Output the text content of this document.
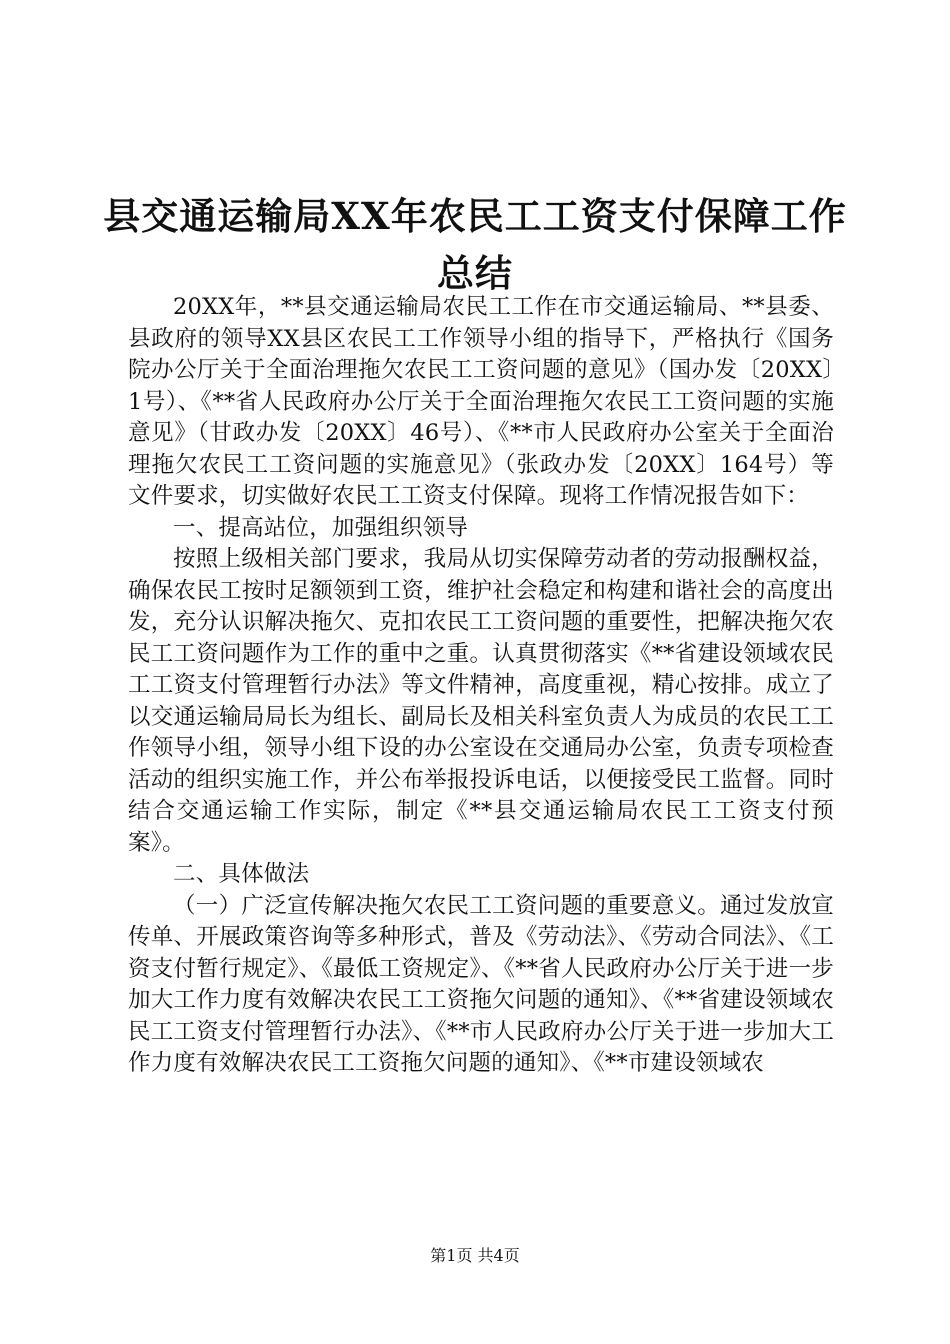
县交通运输局XX年农民工工资支付保障工作
总结

20XX年，**县交通运输局农民工工作在市交通运输局、**县委、县政府的领导XX县区农民工工作领导小组的指导下，严格执行《国务院办公厅关于全面治理拖欠农民工工资问题的意见》（国办发〔20XX〕1号）、《**省人民政府办公厅关于全面治理拖欠农民工工资问题的实施意见》（甘政办发〔20XX〕46号）、《**市人民政府办公室关于全面治理拖欠农民工工资问题的实施意见》（张政办发〔20XX〕164号）等文件要求，切实做好农民工工资支付保障。现将工作情况报告如下：

一、提高站位，加强组织领导

按照上级相关部门要求，我局从切实保障劳动者的劳动报酬权益，确保农民工按时足额领到工资，维护社会稳定和构建和谐社会的高度出发，充分认识解决拖欠、克扣农民工工资问题的重要性，把解决拖欠农民工工资问题作为工作的重中之重。认真贯彻落实《**省建设领域农民工工资支付管理暂行办法》等文件精神，高度重视，精心按排。成立了以交通运输局局长为组长、副局长及相关科室负责人为成员的农民工工作领导小组，领导小组下设的办公室设在交通局办公室，负责专项检查活动的组织实施工作，并公布举报投诉电话，以便接受民工监督。同时结合交通运输工作实际，制定《**县交通运输局农民工工资支付预案》。

二、具体做法

（一）广泛宣传解决拖欠农民工工资问题的重要意义。通过发放宣传单、开展政策咨询等多种形式，普及《劳动法》、《劳动合同法》、《工资支付暂行规定》、《最低工资规定》、《**省人民政府办公厅关于进一步加大工作力度有效解决农民工工资拖欠问题的通知》、《**省建设领域农民工工资支付管理暂行办法》、《**市人民政府办公厅关于进一步加大工作力度有效解决农民工工资拖欠问题的通知》、《**市建设领域农

第1页 共4页
